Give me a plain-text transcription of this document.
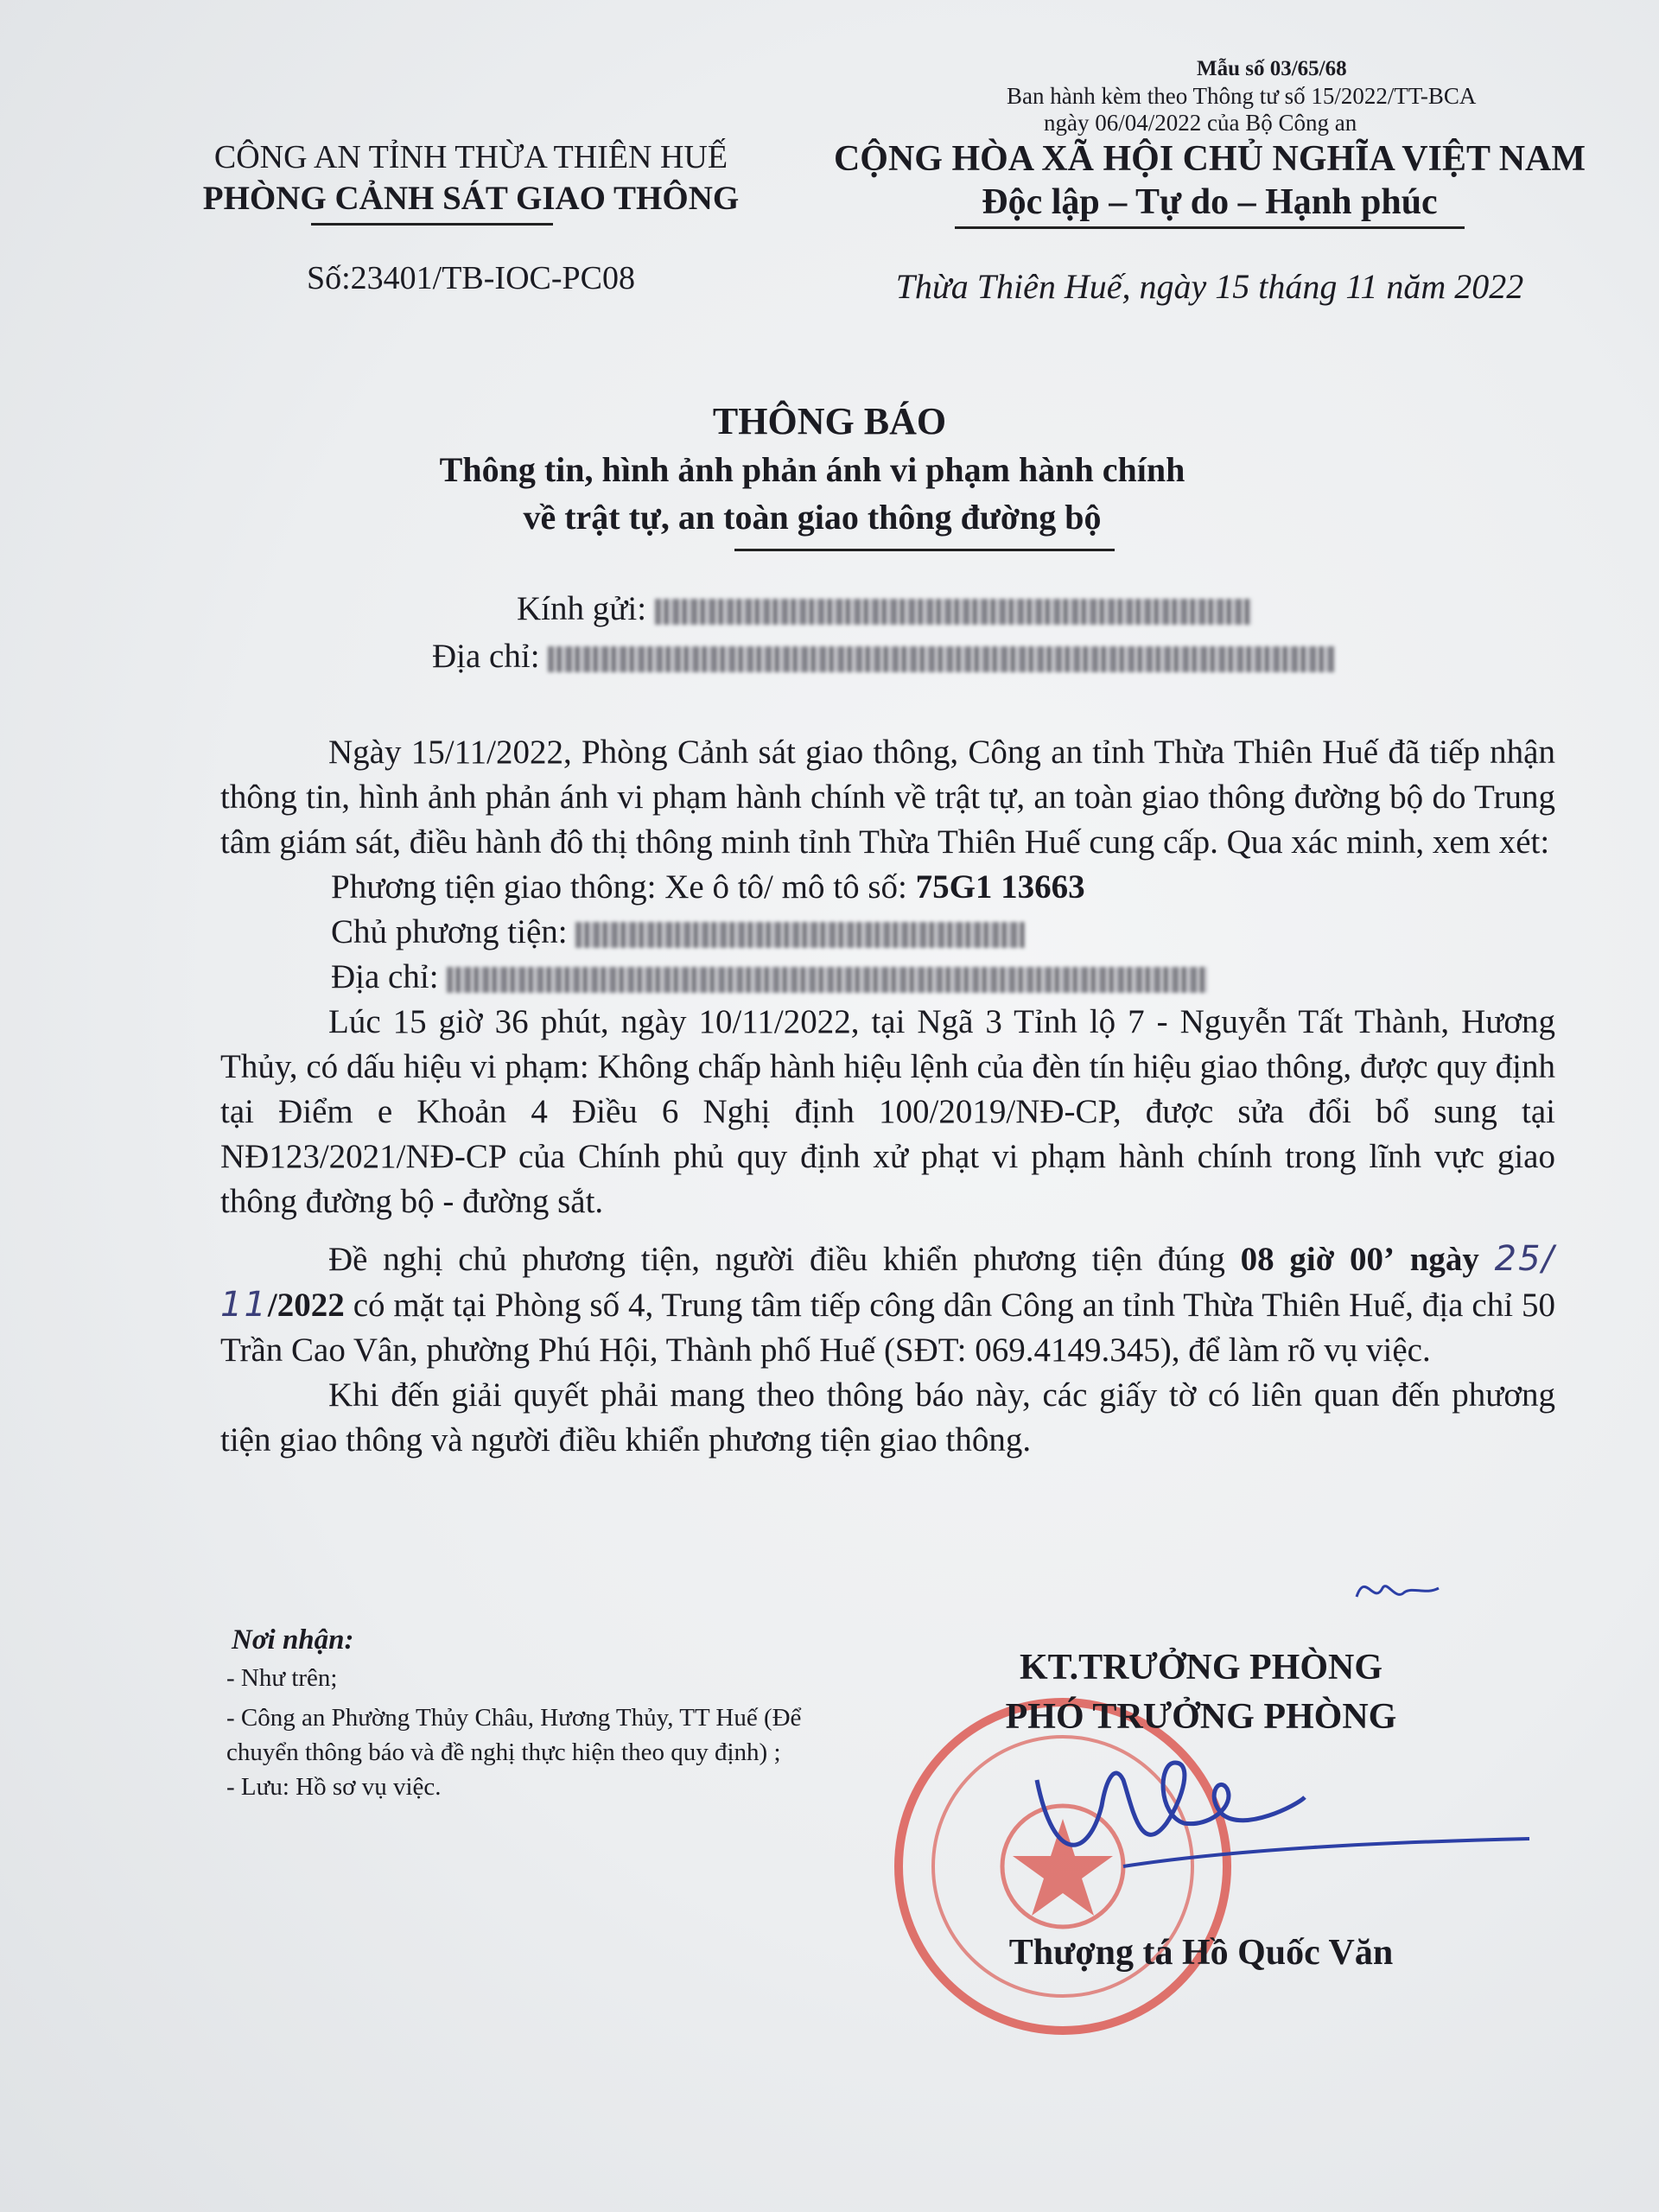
Mẫu số 03/65/68
Ban hành kèm theo Thông tư số 15/2022/TT-BCA
ngày 06/04/2022 của Bộ Công an
CÔNG AN TỈNH THỪA THIÊN HUẾ
PHÒNG CẢNH SÁT GIAO THÔNG
Số:23401/TB-IOC-PC08
CỘNG HÒA XÃ HỘI CHỦ NGHĨA VIỆT NAM
Độc lập – Tự do – Hạnh phúc
Thừa Thiên Huế, ngày 15 tháng 11 năm 2022
THÔNG BÁO
Thông tin, hình ảnh phản ánh vi phạm hành chính
về trật tự, an toàn giao thông đường bộ
Kính gửi:
Địa chỉ:

Ngày 15/11/2022, Phòng Cảnh sát giao thông, Công an tỉnh Thừa Thiên Huế đã tiếp nhận thông tin, hình ảnh phản ánh vi phạm hành chính về trật tự, an toàn giao thông đường bộ do Trung tâm giám sát, điều hành đô thị thông minh tỉnh Thừa Thiên Huế cung cấp. Qua xác minh, xem xét:

Phương tiện giao thông: Xe ô tô/ mô tô số: 75G1 13663

Chủ phương tiện:

Địa chỉ:

Lúc 15 giờ 36 phút, ngày 10/11/2022, tại Ngã 3 Tỉnh lộ 7 - Nguyễn Tất Thành, Hương Thủy, có dấu hiệu vi phạm: Không chấp hành hiệu lệnh của đèn tín hiệu giao thông, được quy định tại Điểm e Khoản 4 Điều 6 Nghị định 100/2019/NĐ-CP, được sửa đổi bổ sung tại NĐ123/2021/NĐ-CP của Chính phủ quy định xử phạt vi phạm hành chính trong lĩnh vực giao thông đường bộ - đường sắt.

Đề nghị chủ phương tiện, người điều khiển phương tiện đúng 08 giờ 00’ ngày 25/ 11/2022 có mặt tại Phòng số 4, Trung tâm tiếp công dân Công an tỉnh Thừa Thiên Huế, địa chỉ 50 Trần Cao Vân, phường Phú Hội, Thành phố Huế (SĐT: 069.4149.345), để làm rõ vụ việc.

Khi đến giải quyết phải mang theo thông báo này, các giấy tờ có liên quan đến phương tiện giao thông và người điều khiển phương tiện giao thông.

Nơi nhận:

- Như trên;

- Công an Phường Thủy Châu, Hương Thủy, TT Huế (Để chuyển thông báo và đề nghị thực hiện theo quy định) ;

- Lưu: Hồ sơ vụ việc.

KT.TRƯỞNG PHÒNG
PHÓ TRƯỞNG PHÒNG
Thượng tá Hồ Quốc Văn
